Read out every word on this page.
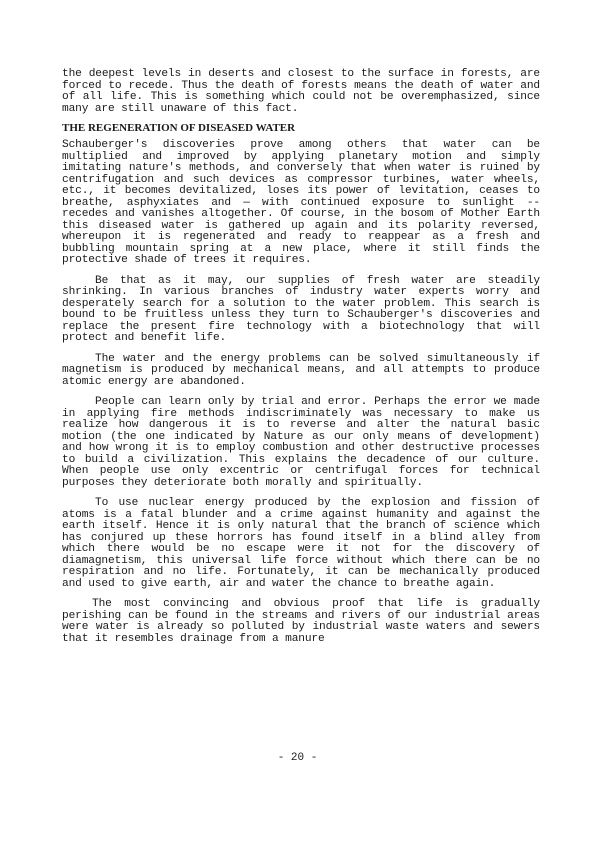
the deepest levels in deserts and closest to the surface in forests, are forced to recede. Thus the death of forests means the death of water and of all life. This is something which could not be overemphasized, since many are still unaware of this fact.

THE REGENERATION OF DISEASED WATER

Schauberger's discoveries prove among others that water can be multiplied and improved by applying planetary motion and simply imitating nature's methods, and conversely that when water is ruined by centrifugation and such devices as compressor turbines, water wheels, etc., it becomes devitalized, loses its power of levitation, ceases to breathe, asphyxiates and — with continued exposure to sunlight -- recedes and vanishes altogether. Of course, in the bosom of Mother Earth this diseased water is gathered up again and its polarity reversed, whereupon it is regenerated and ready to reappear as a fresh and bubbling mountain spring at a new place, where it still finds the protective shade of trees it requires.

Be that as it may, our supplies of fresh water are steadily shrinking. In various branches of industry water experts worry and desperately search for a solution to the water problem. This search is bound to be fruitless unless they turn to Schauberger's discoveries and replace the present fire technology with a biotechnology that will protect and benefit life.

The water and the energy problems can be solved simultaneously if magnetism is produced by mechanical means, and all attempts to produce atomic energy are abandoned.

People can learn only by trial and error. Perhaps the error we made in applying fire methods indiscriminately was necessary to make us realize how dangerous it is to reverse and alter the natural basic motion (the one indicated by Nature as our only means of development) and how wrong it is to employ combustion and other destructive processes to build a civilization. This explains the decadence of our culture. When people use only excentric or centrifugal forces for technical purposes they deteriorate both morally and spiritually.

To use nuclear energy produced by the explosion and fission of atoms is a fatal blunder and a crime against humanity and against the earth itself. Hence it is only natural that the branch of science which has conjured up these horrors has found itself in a blind alley from which there would be no escape were it not for the discovery of diamagnetism, this universal life force without which there can be no respiration and no life. Fortunately, it can be mechanically produced and used to give earth, air and water the chance to breathe again.

The most convincing and obvious proof that life is gradually perishing can be found in the streams and rivers of our industrial areas were water is already so polluted by industrial waste waters and sewers that it resembles drainage from a manure

- 20 -
